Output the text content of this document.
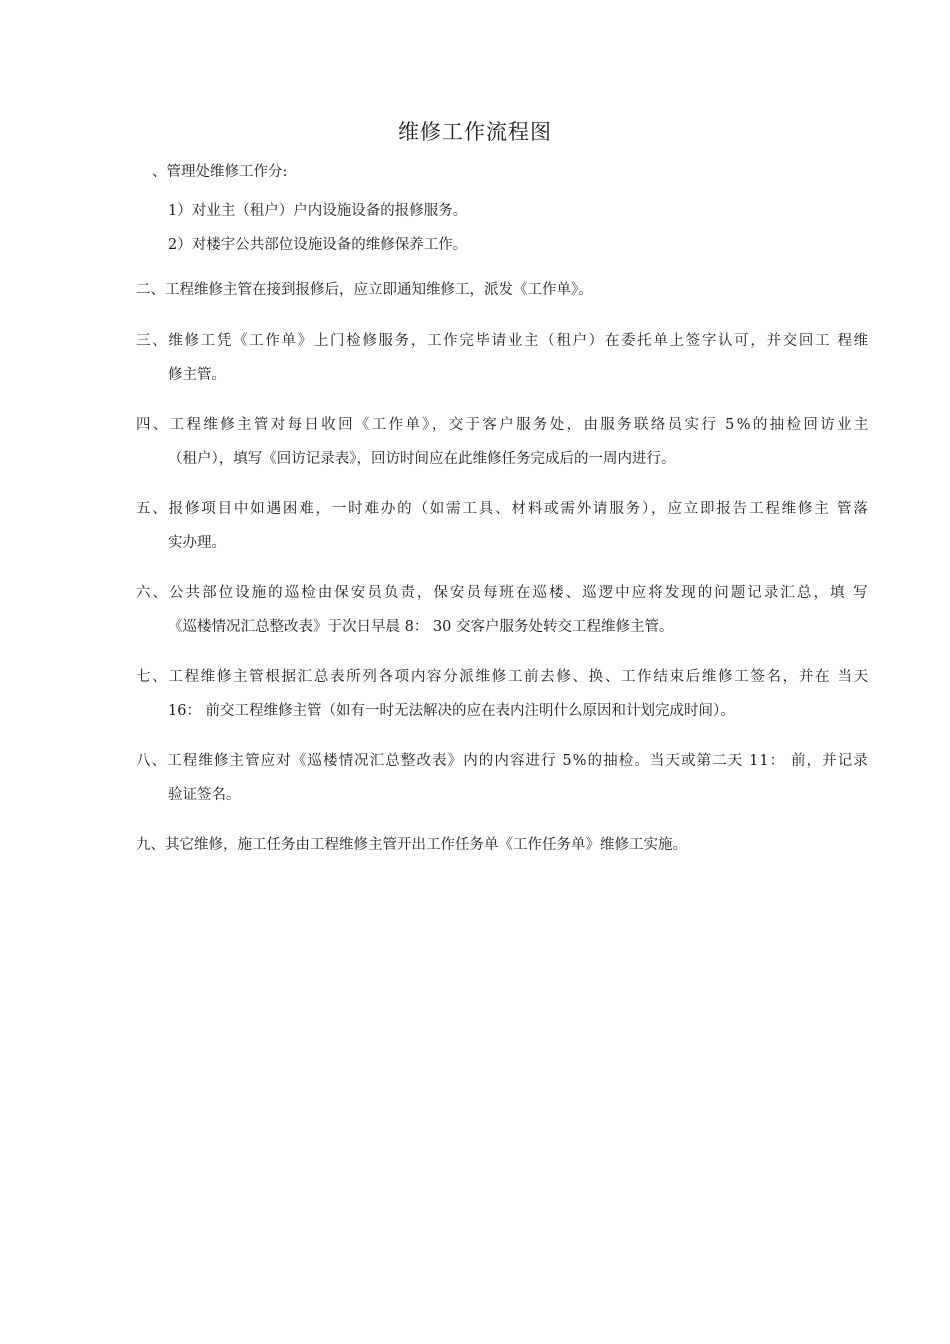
维修工作流程图
、管理处维修工作分:
1）对业主（租户）户内设施设备的报修服务。
2）对楼宇公共部位设施设备的维修保养工作。
二、工程维修主管在接到报修后，应立即通知维修工，派发《工作单》。
三、维修工凭《工作单》上门检修服务，工作完毕请业主（租户）在委托单上签字认可，并交回工 程维
修主管。
四、工程维修主管对每日收回《工作单》，交于客户服务处，由服务联络员实行 5%的抽检回访业主
（租户），填写《回访记录表》，回访时间应在此维修任务完成后的一周内进行。
五、报修项目中如遇困难，一时难办的（如需工具、材料或需外请服务），应立即报告工程维修主 管落
实办理。
六、公共部位设施的巡检由保安员负责，保安员每班在巡楼、巡逻中应将发现的问题记录汇总，填 写
《巡楼情况汇总整改表》于次日早晨 8： 30 交客户服务处转交工程维修主管。
七、工程维修主管根据汇总表所列各项内容分派维修工前去修、换、工作结束后维修工签名，并在 当天
16： 前交工程维修主管（如有一时无法解决的应在表内注明什么原因和计划完成时间）。
八、工程维修主管应对《巡楼情况汇总整改表》内的内容进行 5%的抽检。当天或第二天 11： 前，并记录
验证签名。
九、其它维修，施工任务由工程维修主管开出工作任务单《工作任务单》维修工实施。
